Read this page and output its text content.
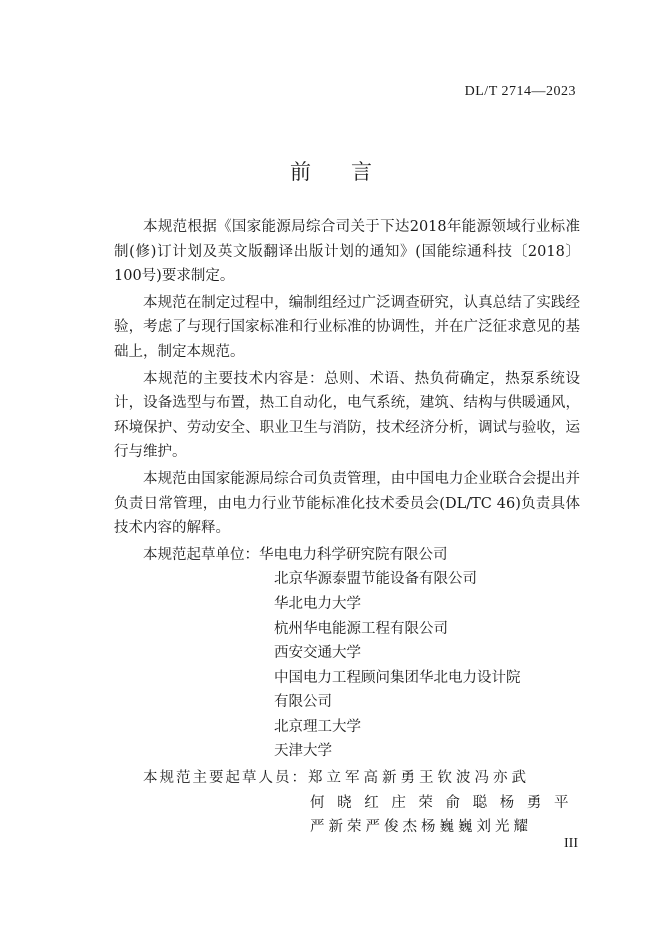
DL/T 2714—2023
前言

本规范根据《国家能源局综合司关于下达2018年能源领域行业标准制(修)订计划及英文版翻译出版计划的通知》(国能综通科技〔2018〕100号)要求制定。

本规范在制定过程中，编制组经过广泛调查研究，认真总结了实践经验，考虑了与现行国家标准和行业标准的协调性，并在广泛征求意见的基础上，制定本规范。

本规范的主要技术内容是：总则、术语、热负荷确定，热泵系统设计，设备选型与布置，热工自动化，电气系统，建筑、结构与供暖通风，环境保护、劳动安全、职业卫生与消防，技术经济分析，调试与验收，运行与维护。

本规范由国家能源局综合司负责管理，由中国电力企业联合会提出并负责日常管理，由电力行业节能标准化技术委员会(DL/TC 46)负责具体技术内容的解释。

本规范起草单位：华电电力科学研究院有限公司
北京华源泰盟节能设备有限公司
华北电力大学
杭州华电能源工程有限公司
西安交通大学
中国电力工程顾问集团华北电力设计院
有限公司
北京理工大学
天津大学
本规范主要起草人员：郑立军高新勇王钦波冯亦武
何 晓 红 庄 荣 俞 聪 杨 勇 平
严新荣严俊杰杨巍巍刘光耀
III
